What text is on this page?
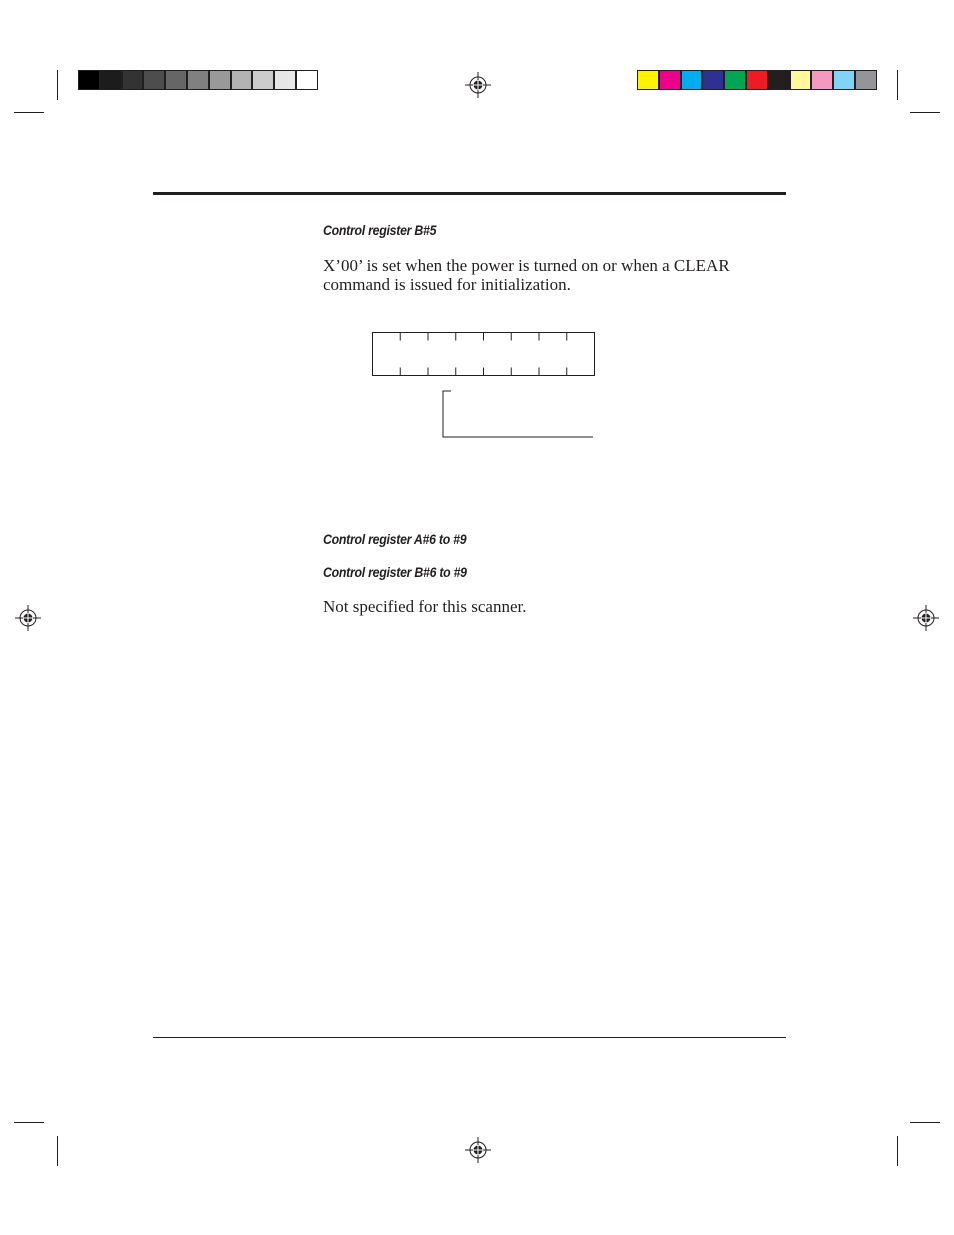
Control register B#5
X’00’ is set when the power is turned on or when a CLEAR
command is issued for initialization.
Control register A#6 to #9
Control register B#6 to #9
Not specified for this scanner.
